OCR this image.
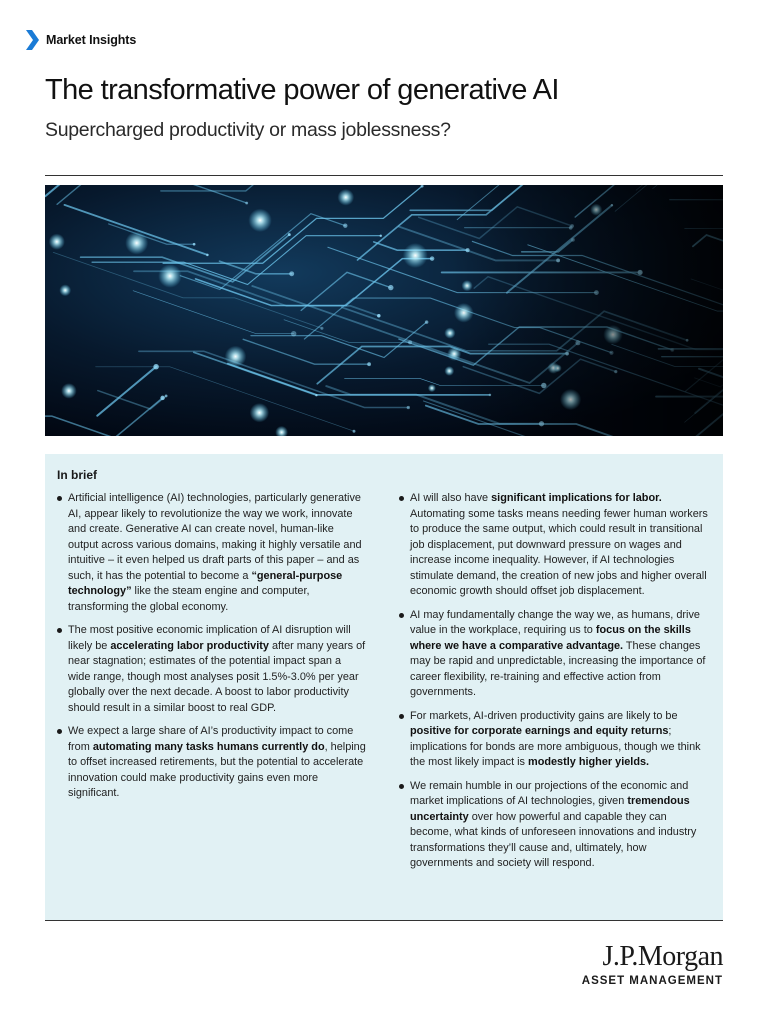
Market Insights
The transformative power of generative AI
Supercharged productivity or mass joblessness?
In brief
Artificial intelligence (AI) technologies, particularly generative AI, appear likely to revolutionize the way we work, innovate and create. Generative AI can create novel, human-like output across various domains, making it highly versatile and intuitive – it even helped us draft parts of this paper – and as such, it has the potential to become a “general-purpose technology” like the steam engine and computer, transforming the global economy.
The most positive economic implication of AI disruption will likely be accelerating labor productivity after many years of near stagnation; estimates of the potential impact span a wide range, though most analyses posit 1.5%-3.0% per year globally over the next decade. A boost to labor productivity should result in a similar boost to real GDP.
We expect a large share of AI’s productivity impact to come from automating many tasks humans currently do, helping to offset increased retirements, but the potential to accelerate innovation could make productivity gains even more significant.
AI will also have significant implications for labor. Automating some tasks means needing fewer human workers to produce the same output, which could result in transitional job displacement, put downward pressure on wages and increase income inequality. However, if AI technologies stimulate demand, the creation of new jobs and higher overall economic growth should offset job displacement.
AI may fundamentally change the way we, as humans, drive value in the workplace, requiring us to focus on the skills where we have a comparative advantage. These changes may be rapid and unpredictable, increasing the importance of career flexibility, re-training and effective action from governments.
For markets, AI-driven productivity gains are likely to be positive for corporate earnings and equity returns; implications for bonds are more ambiguous, though we think the most likely impact is modestly higher yields.
We remain humble in our projections of the economic and market implications of AI technologies, given tremendous uncertainty over how powerful and capable they can become, what kinds of unforeseen innovations and industry transformations they’ll cause and, ultimately, how governments and society will respond.
J.P.Morgan
ASSET MANAGEMENT
